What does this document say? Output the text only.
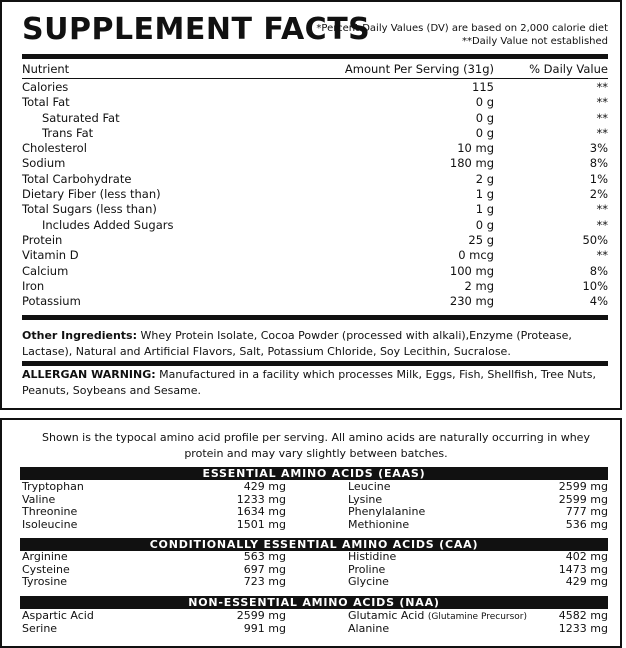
SUPPLEMENT FACTS
*Percent Daily Values (DV) are based on 2,000 calorie diet
**Daily Value not established
Nutrient	Amount Per Serving (31g)	% Daily Value
Calories	115	**
Total Fat	0 g	**
Saturated Fat	0 g	**
Trans Fat	0 g	**
Cholesterol	10 mg	3%
Sodium	180 mg	8%
Total Carbohydrate	2 g	1%
Dietary Fiber (less than)	1 g	2%
Total Sugars (less than)	1 g	**
Includes Added Sugars	0 g	**
Protein	25 g	50%
Vitamin D	0 mcg	**
Calcium	100 mg	8%
Iron	2 mg	10%
Potassium	230 mg	4%
Other Ingredients: Whey Protein Isolate, Cocoa Powder (processed with alkali),Enzyme (Protease, Lactase), Natural and Artificial Flavors, Salt, Potassium Chloride, Soy Lecithin, Sucralose.
ALLERGAN WARNING: Manufactured in a facility which processes Milk, Eggs, Fish, Shellfish, Tree Nuts, Peanuts, Soybeans and Sesame.
Shown is the typocal amino acid profile per serving. All amino acids are naturally occurring in whey protein and may vary slightly between batches.
ESSENTIAL AMINO ACIDS (EAAS)
Tryptophan	429 mg	Leucine	2599 mg
Valine	1233 mg	Lysine	2599 mg
Threonine	1634 mg	Phenylalanine	777 mg
Isoleucine	1501 mg	Methionine	536 mg
CONDITIONALLY ESSENTIAL AMINO ACIDS (CAA)
Arginine	563 mg	Histidine	402 mg
Cysteine	697 mg	Proline	1473 mg
Tyrosine	723 mg	Glycine	429 mg
NON-ESSENTIAL AMINO ACIDS (NAA)
Aspartic Acid	2599 mg	Glutamic Acid (Glutamine Precursor)	4582 mg
Serine	991 mg	Alanine	1233 mg
